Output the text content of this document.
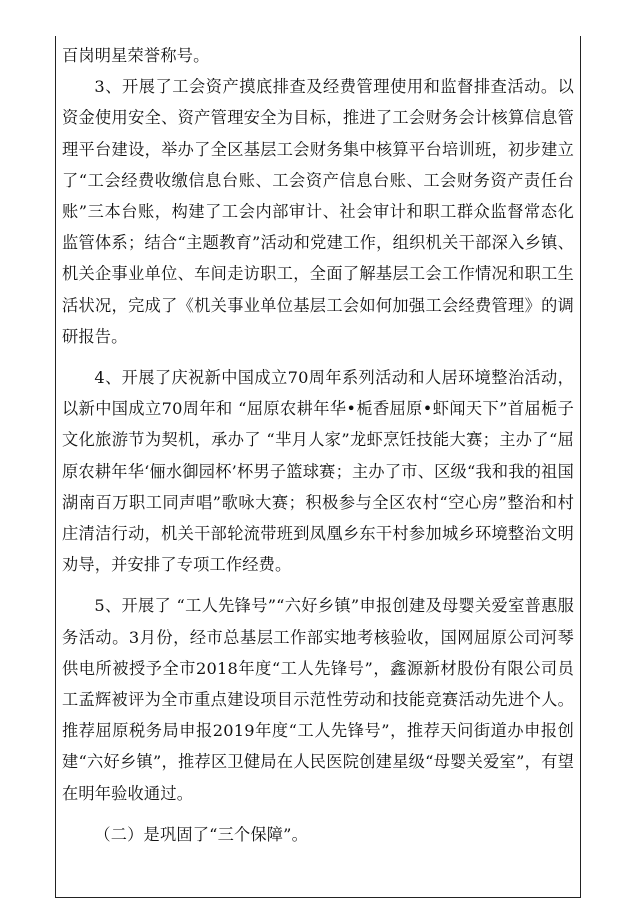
百岗明星荣誉称号。

3、开展了工会资产摸底排查及经费管理使用和监督排查活动。以资金使用安全、资产管理安全为目标，推进了工会财务会计核算信息管理平台建设，举办了全区基层工会财务集中核算平台培训班，初步建立了“工会经费收缴信息台账、工会资产信息台账、工会财务资产责任台账”三本台账，构建了工会内部审计、社会审计和职工群众监督常态化监管体系；结合“主题教育”活动和党建工作，组织机关干部深入乡镇、机关企事业单位、车间走访职工，全面了解基层工会工作情况和职工生活状况，完成了《机关事业单位基层工会如何加强工会经费管理》的调研报告。

4、开展了庆祝新中国成立70周年系列活动和人居环境整治活动，以新中国成立70周年和 “屈原农耕年华•栀香屈原•虾闻天下”首届栀子文化旅游节为契机，承办了 “芈月人家”龙虾烹饪技能大赛；主办了“屈原农耕年华‘俪水御园杯’杯男子篮球赛；主办了市、区级“我和我的祖国 湖南百万职工同声唱”歌咏大赛；积极参与全区农村“空心房”整治和村庄清洁行动，机关干部轮流带班到凤凰乡东干村参加城乡环境整治文明劝导，并安排了专项工作经费。

5、开展了 “工人先锋号”“六好乡镇”申报创建及母婴关爱室普惠服务活动。3月份，经市总基层工作部实地考核验收，国网屈原公司河琴供电所被授予全市2018年度“工人先锋号”，鑫源新材股份有限公司员工孟辉被评为全市重点建设项目示范性劳动和技能竞赛活动先进个人。推荐屈原税务局申报2019年度“工人先锋号”，推荐天问街道办申报创建“六好乡镇”，推荐区卫健局在人民医院创建星级“母婴关爱室”，有望在明年验收通过。

（二）是巩固了“三个保障”。
